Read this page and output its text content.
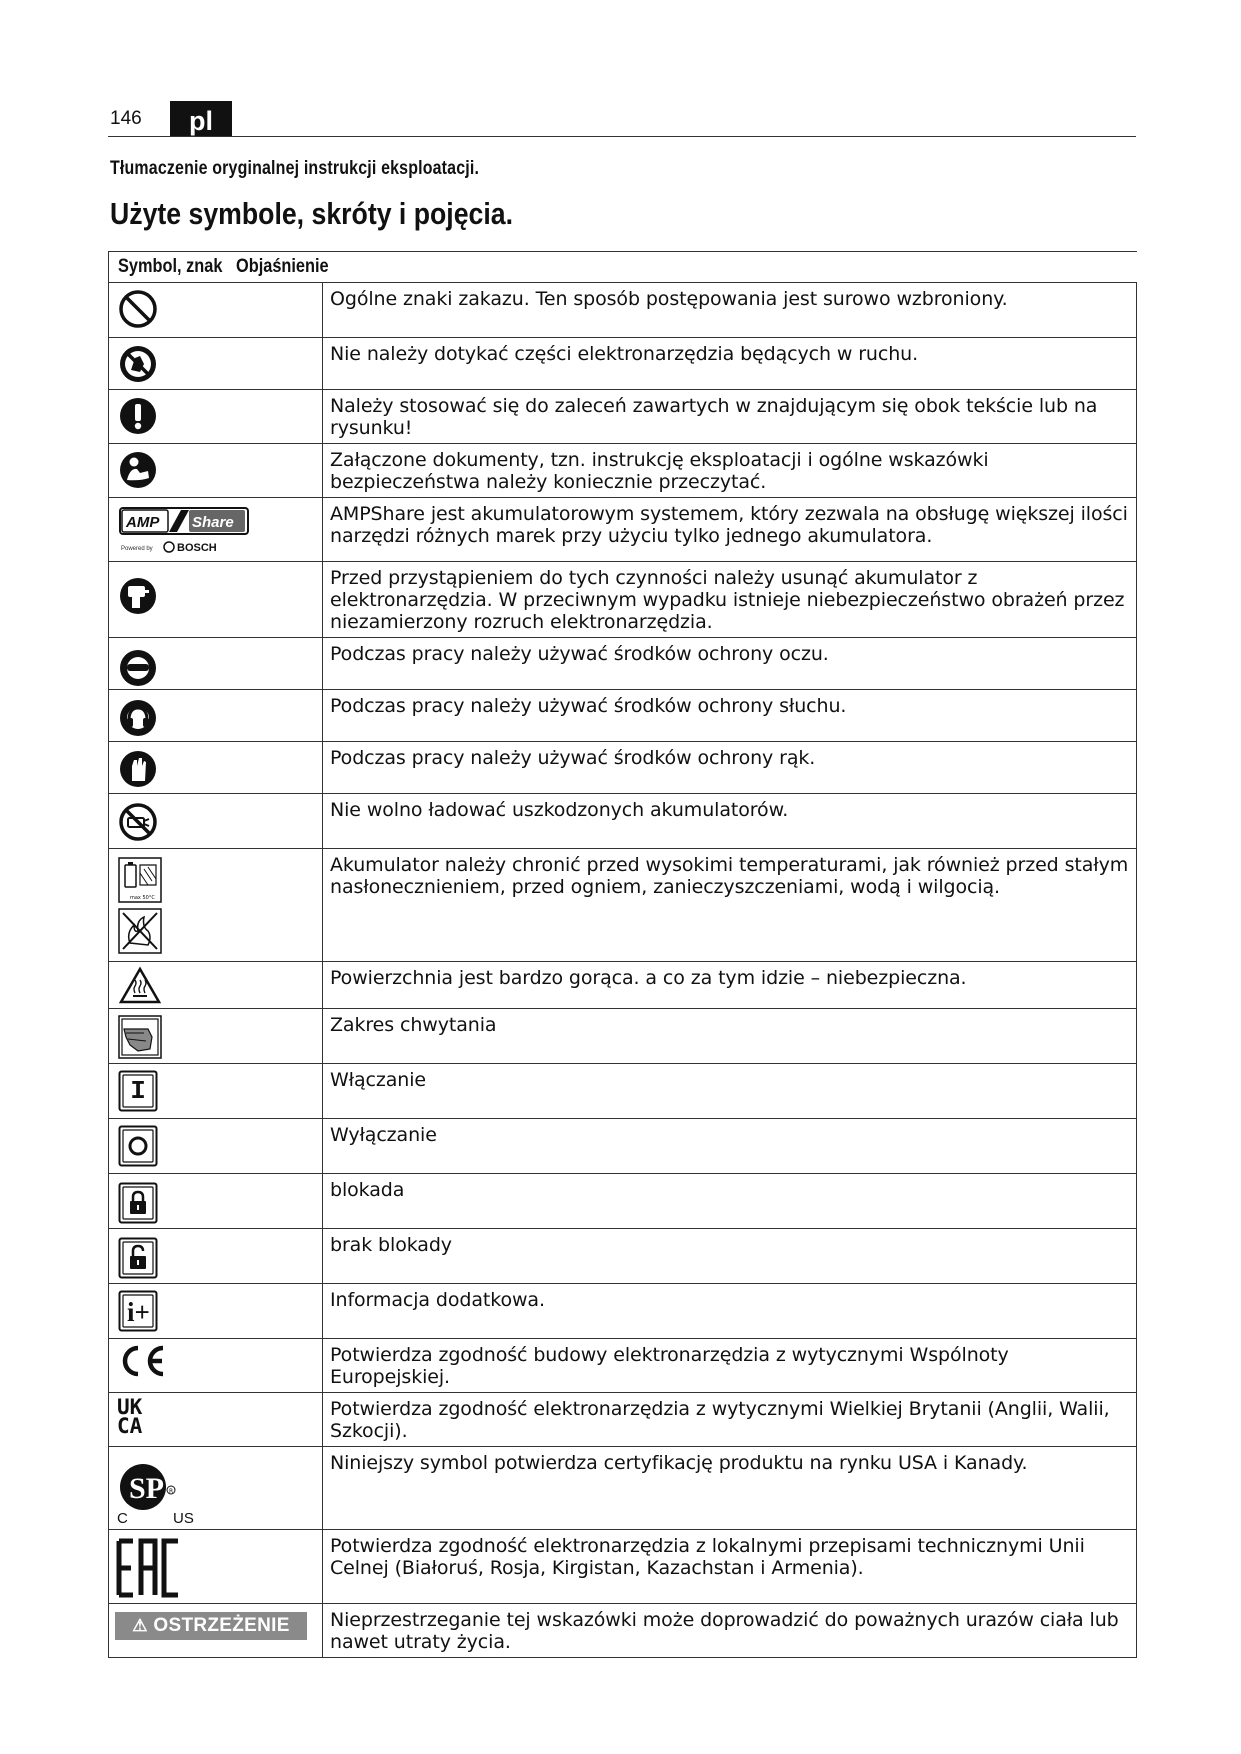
146	pl
Tłumaczenie oryginalnej instrukcji eksploatacji.
Użyte symbole, skróty i pojęcia.
Symbol, znak Objaśnienie	

	Ogólne znaki zakazu. Ten sposób postępowania jest surowo wzbroniony.

	Nie należy dotykać części elektronarzędzia będących w ruchu.

	Należy stosować się do zaleceń zawartych w znajdującym się obok tekście lub na rysunku!

	Załączone dokumenty, tzn. instrukcję eksploatacji i ogólne wskazówki bezpieczeństwa należy koniecznie przeczytać.

AMP Share
Powered by BOSCH	AMPShare jest akumulatorowym systemem, który zezwala na obsługę większej ilości narzędzi różnych marek przy użyciu tylko jednego akumulatora.

	Przed przystąpieniem do tych czynności należy usunąć akumulator z elektronarzędzia. W przeciwnym wypadku istnieje niebezpieczeństwo obrażeń przez niezamierzony rozruch elektronarzędzia.

	Podczas pracy należy używać środków ochrony oczu.

	Podczas pracy należy używać środków ochrony słuchu.

	Podczas pracy należy używać środków ochrony rąk.

	Nie wolno ładować uszkodzonych akumulatorów.

max 50°C	Akumulator należy chronić przed wysokimi temperaturami, jak również przed stałym nasłonecznieniem, przed ogniem, zanieczyszczeniami, wodą i wilgocią.

	Powierzchnia jest bardzo gorąca. a co za tym idzie – niebezpieczna.

	Zakres chwytania

I	Włączanie

	Wyłączanie

	blokada

	brak blokady

i+	Informacja dodatkowa.

	Potwierdza zgodność budowy elektronarzędzia z wytycznymi Wspólnoty Europejskiej.

UK
CA	Potwierdza zgodność elektronarzędzia z wytycznymi Wielkiej Brytanii (Anglii, Walii, Szkocji).

SP R
C US	Niniejszy symbol potwierdza certyfikację produktu na rynku USA i Kanady.

	Potwierdza zgodność elektronarzędzia z lokalnymi przepisami technicznymi Unii Celnej (Białoruś, Rosja, Kirgistan, Kazachstan i Armenia).

⚠ OSTRZEŻENIE	Nieprzestrzeganie tej wskazówki może doprowadzić do poważnych urazów ciała lub nawet utraty życia.
